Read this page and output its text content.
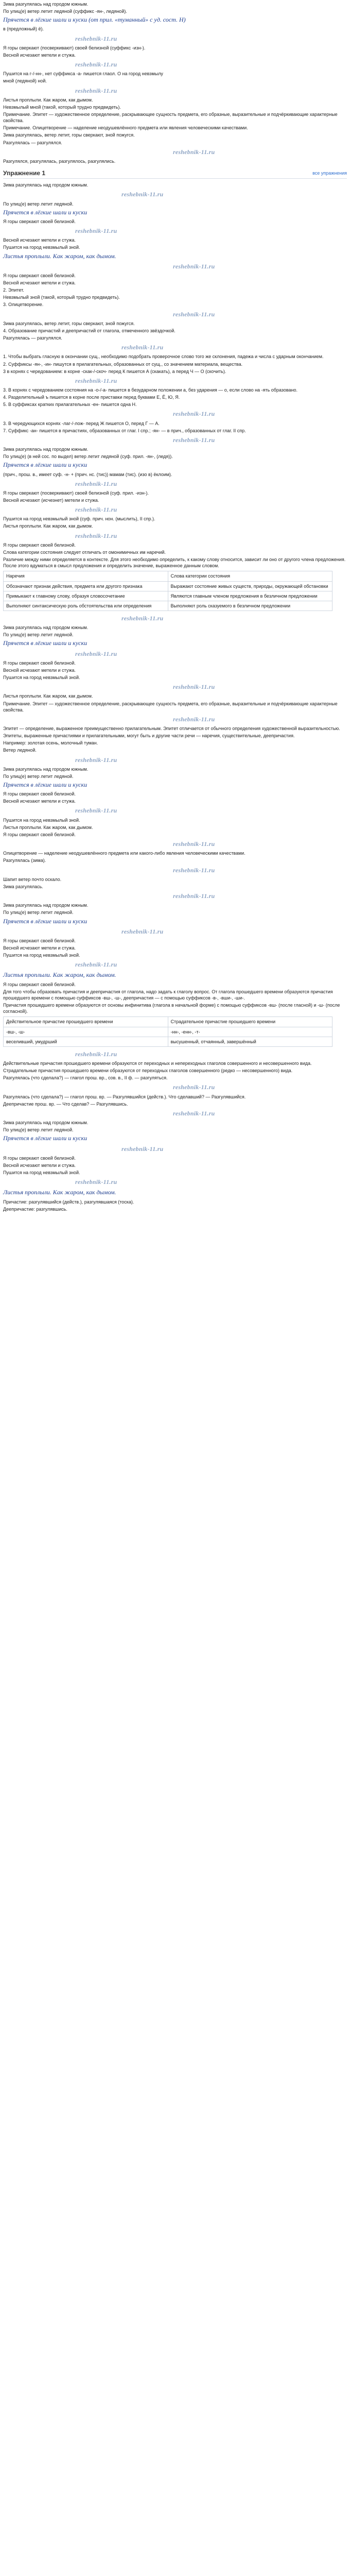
Зима разгулялась над городом южным.
По улиц(е) ветер летит ледяной (суффикс -ян-, ледяной).
Прячется в лёгкие шали и куски (от прил. «туманный» с уд. сост. Н)
в (предложный) ё).
reshebnik-11.ru
Я горы сверкают (посверкивают) своей белизной (суффикс -изн-).
Весной исчезают метели и стужа.
reshebnik-11.ru
Пушится на г-/-нн-, нет суффикса -а- пишется глаол. О на город невзмылу
мной (ледяной) ной.
reshebnik-11.ru
Листья проплыли. Как жаром, как дымом.
Невзмылый мной (такой, который трудно предвидеть).
Примечание. Эпитет — художественное определение, раскрывающее сущность предмета, его образные, выразительные и подчёркивающие характерные свойства.
Примечание. Олицетворение — наделение неодушевлённого предмета или явления человеческими качествами.
Зима разгулялась, ветер летит, горы сверкают, зной пожугся.
Разгулялась — разгулялся.
reshebnik-11.ru
Разгулялся, разгулялась, разгулялось, разгулялись.
Упражнение 1	все упражнения
Зима разгулялась над городом южным.
reshebnik-11.ru
По улиц(е) ветер летит ледяной.
Прячется в лёгкие шали и куски
Я горы сверкают своей белизной.
reshebnik-11.ru
Весной исчезают метели и стужа.
Пушится на город невзмылый зной.
Листья проплыли. Как жаром, как дымом.
reshebnik-11.ru
Я горы сверкают своей белизной.
Весной исчезают метели и стужа.
2. Эпитет.
Невзмылый зной (такой, который трудно предвидеть).
3. Олицетворение.
reshebnik-11.ru
Зима разгулялась, ветер летит, горы сверкают, зной пожугся.
4. Образование причастий и деепричастий от глагола, отмеченного звёздочкой.
Разгулялась — разгулялся.
reshebnik-11.ru
1. Чтобы выбрать гласную в окончании сущ., необходимо подобрать проверочное слово того же склонения, падежа и числа с ударным окончанием.
2. Суффиксы -ян-, -ин- пишутся в прилагательных, образованных от сущ., со значением материала, вещества.
3 в корнях с чередованием: в корне -скак-/-скоч- перед К пишется А (скакать), а перед Ч — О (скочить).
reshebnik-11.ru
3. В корнях с чередованием состояния на -о-/-а- пишется в безударном положении а, без ударения — о, если слово на -ять образовано.
4. Разделительный ъ пишется в корне после приставки перед буквами Е, Ё, Ю, Я.
5. В суффиксах кратких прилагательных -ен- пишется одна Н.
reshebnik-11.ru
3. В чередующихся корнях -лаг-/-лож- перед Ж пишется О, перед Г — А.
7. Суффикс -ан- пишется в причастиях, образованных от глаг. I спр.; -ян- — в прич., образованных от глаг. II спр.
reshebnik-11.ru
Зима разгулялась над городом южным.
По улиц(е) (в ней сос. по выдел) ветер летит ледяной (суф. прил. -ян-, (ледя)).
Прячется в лёгкие шали и куски
(прич., прош. в., имеет суф. -н- + (прич. нс. (тис)) мамам (тис). (изо в) ёклоим).
reshebnik-11.ru
Я горы сверкают (посверкивают) своей белизной (суф. прил. -изн-).
Весной исчезают (исчезнет) метели и стужа.
reshebnik-11.ru
Пушится на город невзмылый зной (суф. прич. нон. (мыслить), II спр.).
Листья проплыли. Как жаром, как дымом.
reshebnik-11.ru
Я горы сверкают своей белизной.
Слова категории состояния следует отличать от омонимичных им наречий.
Различие между ними определяется в контексте. Для этого необходимо определить, к какому слову относится, зависит ли оно от другого члена предложения. После этого вдуматься в смысл предложения и определить значение, выраженное данным словом.
Наречия	Слова категории состояния
Обозначают признак действия, предмета или другого признака	Выражают состояние живых существ, природы, окружающей обстановки
Примыкают к главному слову, образуя словосочетание	Являются главным членом предложения в безличном предложении
Выполняют синтаксическую роль обстоятельства или определения	Выполняют роль сказуемого в безличном предложении
reshebnik-11.ru
Зима разгулялась над городом южным.
По улиц(е) ветер летит ледяной.
Прячется в лёгкие шали и куски
reshebnik-11.ru
Я горы сверкают своей белизной.
Весной исчезают метели и стужа.
Пушится на город невзмылый зной.
reshebnik-11.ru
Листья проплыли. Как жаром, как дымом.
Примечание. Эпитет — художественное определение, раскрывающее сущность предмета, его образные, выразительные и подчёркивающие характерные свойства.
reshebnik-11.ru
Эпитет — определение, выраженное преимущественно прилагательным. Эпитет отличается от обычного определения художественной выразительностью.
Эпитеты, выраженные причастиями и прилагательными, могут быть и другие части речи — наречия, существительные, деепричастия.
Например: золотая осень, молочный туман.
Ветер ледяной.
reshebnik-11.ru
Зима разгулялась над городом южным.
По улиц(е) ветер летит ледяной.
Прячется в лёгкие шали и куски
Я горы сверкают своей белизной.
Весной исчезают метели и стужа.
reshebnik-11.ru
Пушится на город невзмылый зной.
Листья проплыли. Как жаром, как дымом.
Я горы сверкают своей белизной.
reshebnik-11.ru
Олицетворение — наделение неодушевлённого предмета или какого-либо явления человеческими качествами.
Разгулялась (зима).
reshebnik-11.ru
Шапит ветер почто оскало.
Зима разгулялась.
reshebnik-11.ru
Зима разгулялась над городом южным.
По улиц(е) ветер летит ледяной.
Прячется в лёгкие шали и куски
reshebnik-11.ru
Я горы сверкают своей белизной.
Весной исчезают метели и стужа.
Пушится на город невзмылый зной.
reshebnik-11.ru
Листья проплыли. Как жаром, как дымом.
Я горы сверкают своей белизной.
Для того чтобы образовать причастия и деепричастия от глагола, надо задать к глаголу вопрос. От глагола прошедшего времени образуются причастия прошедшего времени с помощью суффиксов -вш-, -ш-, деепричастия — с помощью суффиксов -в-, -вши-, -ши-.
Причастия прошедшего времени образуются от основы инфинитива (глагола в начальной форме) с помощью суффиксов -вш- (после гласной) и -ш- (после согласной).
Действительное причастие прошедшего времени	Страдательное причастие прошедшего времени
-вш-, -ш-	-нн-, -енн-, -т-
веселивший, умудрший	высушенный, отчаянный, завершённый
reshebnik-11.ru
Действительные причастия прошедшего времени образуются от переходных и непереходных глаголов совершенного и несовершенного вида.
Страдательные причастия прошедшего времени образуются от переходных глаголов совершенного (редко — несовершенного) вида.
Разгулялась (что сделала?) — глагол прош. вр., сов. в., II ф. — разгуляться.
reshebnik-11.ru
Разгулялась (что сделала?) — глагол прош. вр. — Разгулявшийся (действ.). Что сделавший? — Разгулявшийся.
Деепричастие прош. вр. — Что сделав? — Разгулявшись.
reshebnik-11.ru
Зима разгулялась над городом южным.
По улиц(е) ветер летит ледяной.
Прячется в лёгкие шали и куски
reshebnik-11.ru
Я горы сверкают своей белизной.
Весной исчезают метели и стужа.
Пушится на город невзмылый зной.
reshebnik-11.ru
Листья проплыли. Как жаром, как дымом.
Причастие: разгулявшийся (действ.), разгулявшаяся (тоска).
Деепричастие: разгулявшись.
